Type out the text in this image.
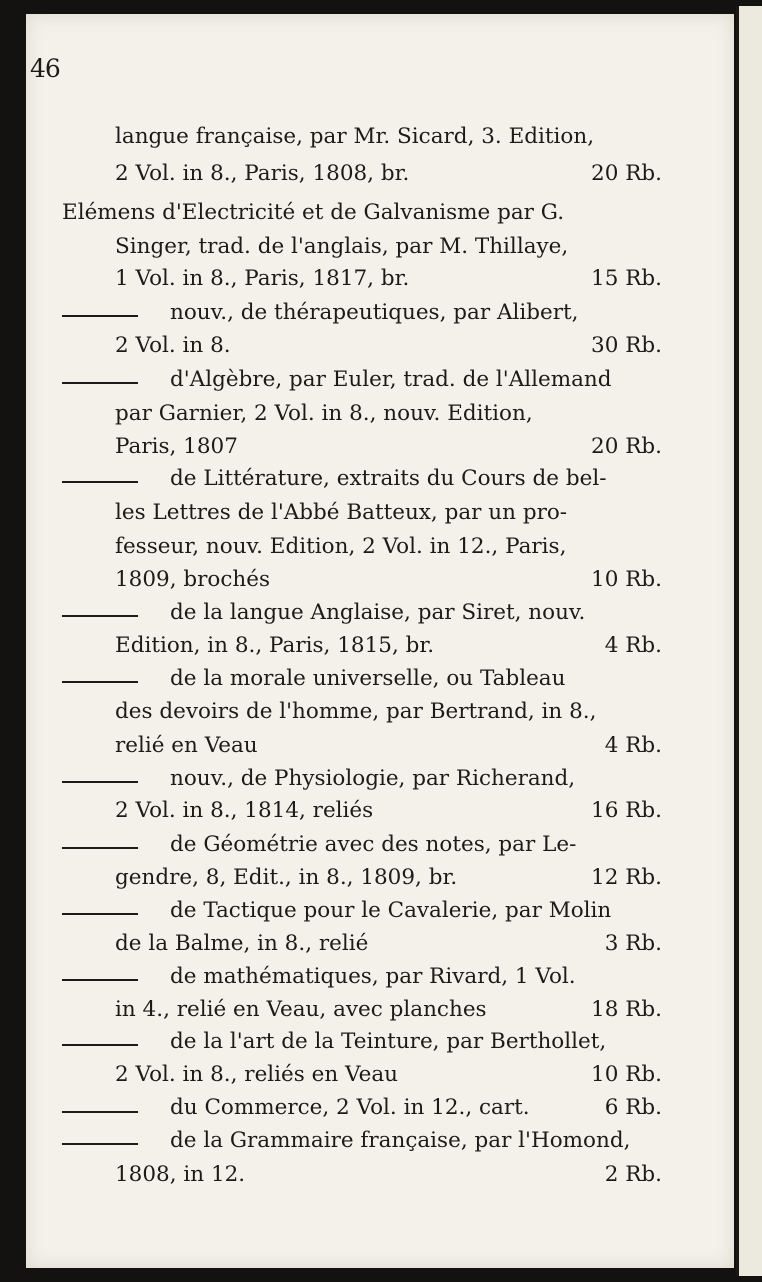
46
langue française, par Mr. Sicard, 3. Edition,
2 Vol. in 8., Paris, 1808, br.	20 Rb.
Elémens d'Electricité et de Galvanisme par G.
Singer, trad. de l'anglais, par M. Thillaye,
1 Vol. in 8., Paris, 1817, br.	15 Rb.
nouv., de thérapeutiques, par Alibert,
2 Vol. in 8.	30 Rb.
d'Algèbre, par Euler, trad. de l'Allemand
par Garnier, 2 Vol. in 8., nouv. Edition,
Paris, 1807	20 Rb.
de Littérature, extraits du Cours de bel-
les Lettres de l'Abbé Batteux, par un pro-
fesseur, nouv. Edition, 2 Vol. in 12., Paris,
1809, brochés	10 Rb.
de la langue Anglaise, par Siret, nouv.
Edition, in 8., Paris, 1815, br.	4 Rb.
de la morale universelle, ou Tableau
des devoirs de l'homme, par Bertrand, in 8.,
relié en Veau	4 Rb.
nouv., de Physiologie, par Richerand,
2 Vol. in 8., 1814, reliés	16 Rb.
de Géométrie avec des notes, par Le-
gendre, 8, Edit., in 8., 1809, br.	12 Rb.
de Tactique pour le Cavalerie, par Molin
de la Balme, in 8., relié	3 Rb.
de mathématiques, par Rivard, 1 Vol.
in 4., relié en Veau, avec planches	18 Rb.
de la l'art de la Teinture, par Berthollet,
2 Vol. in 8., reliés en Veau	10 Rb.
du Commerce, 2 Vol. in 12., cart.	6 Rb.
de la Grammaire française, par l'Homond,
1808, in 12.	2 Rb.
